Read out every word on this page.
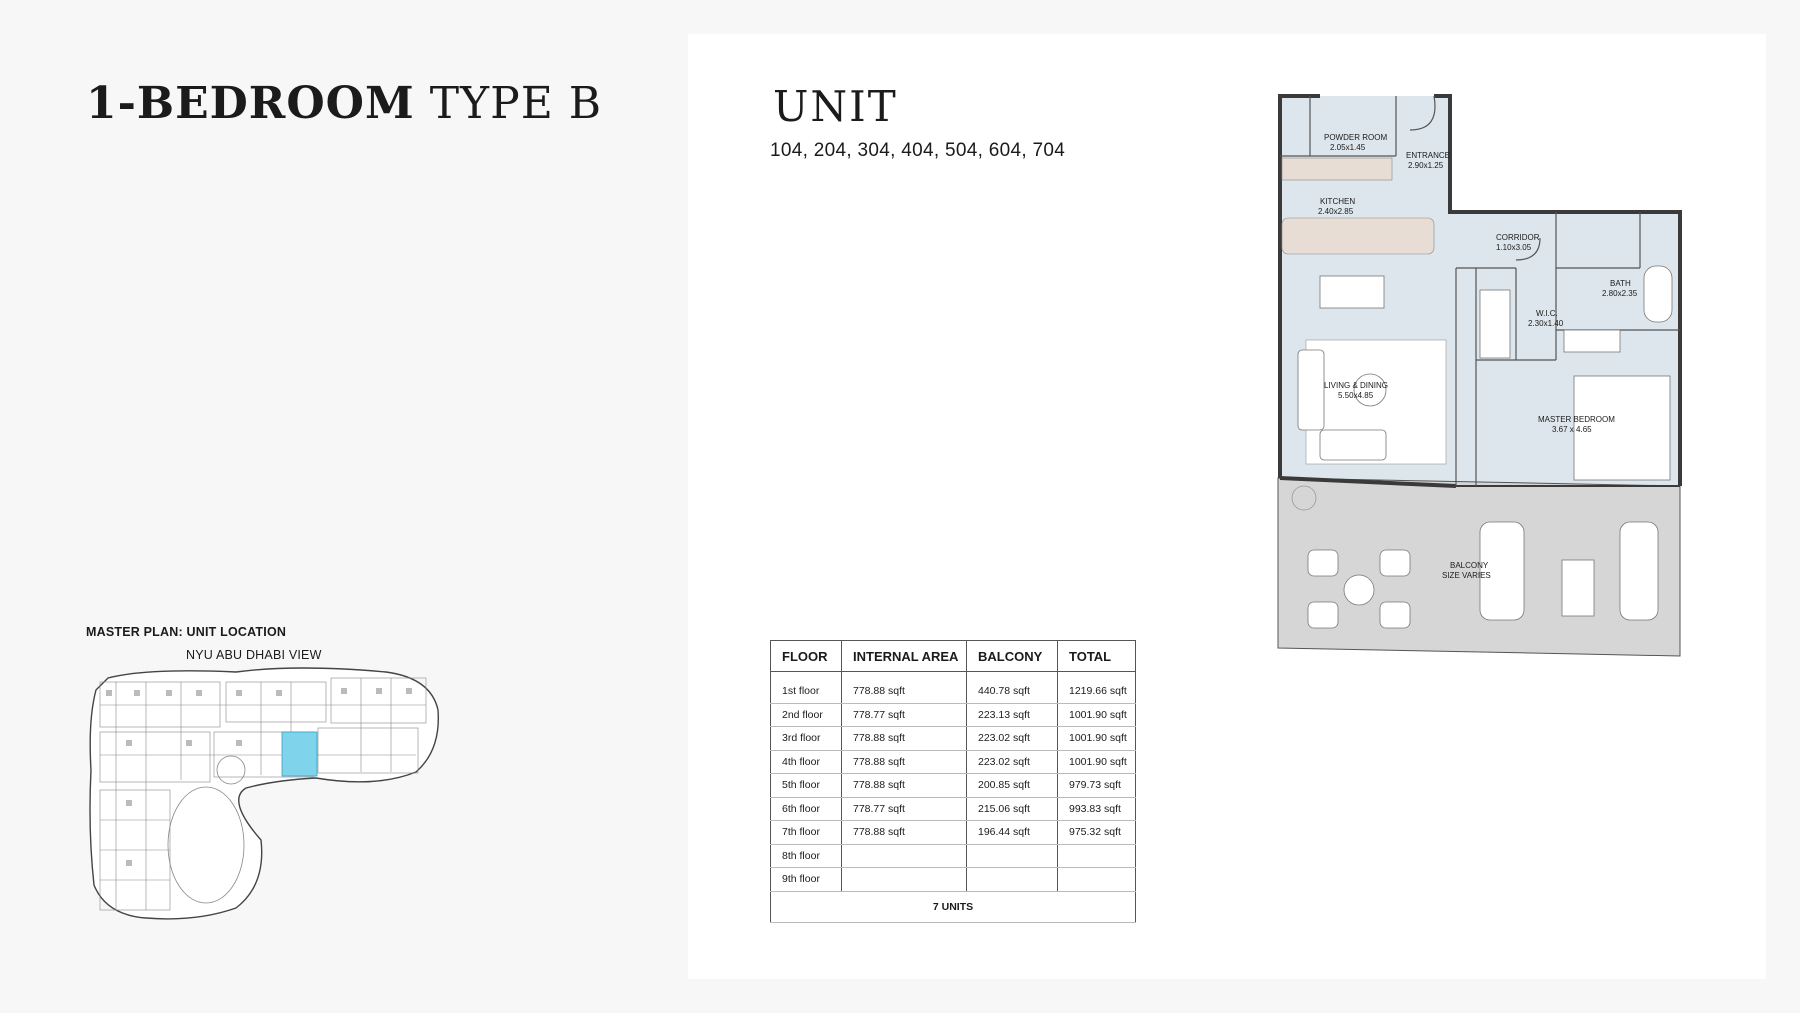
1-BEDROOM TYPE B
MASTER PLAN: UNIT LOCATION
NYU ABU DHABI VIEW
UNIT
104, 204, 304, 404, 504, 604, 704
FLOOR	INTERNAL AREA	BALCONY	TOTAL
1st floor	778.88 sqft	440.78 sqft	1219.66 sqft
2nd floor	778.77 sqft	223.13 sqft	1001.90 sqft
3rd floor	778.88 sqft	223.02 sqft	1001.90 sqft
4th floor	778.88 sqft	223.02 sqft	1001.90 sqft
5th floor	778.88 sqft	200.85 sqft	979.73 sqft
6th floor	778.77 sqft	215.06 sqft	993.83 sqft
7th floor	778.88 sqft	196.44 sqft	975.32 sqft
8th floor			
9th floor			
7 UNITS			
POWDER ROOM
2.05x1.45
ENTRANCE
2.90x1.25
KITCHEN
2.40x2.85
CORRIDOR
1.10x3.05
BATH
2.80x2.35
W.I.C.
2.30x1.40
LIVING & DINING
5.50x4.85
MASTER BEDROOM
3.67 x 4.65
BALCONY
SIZE VARIES
